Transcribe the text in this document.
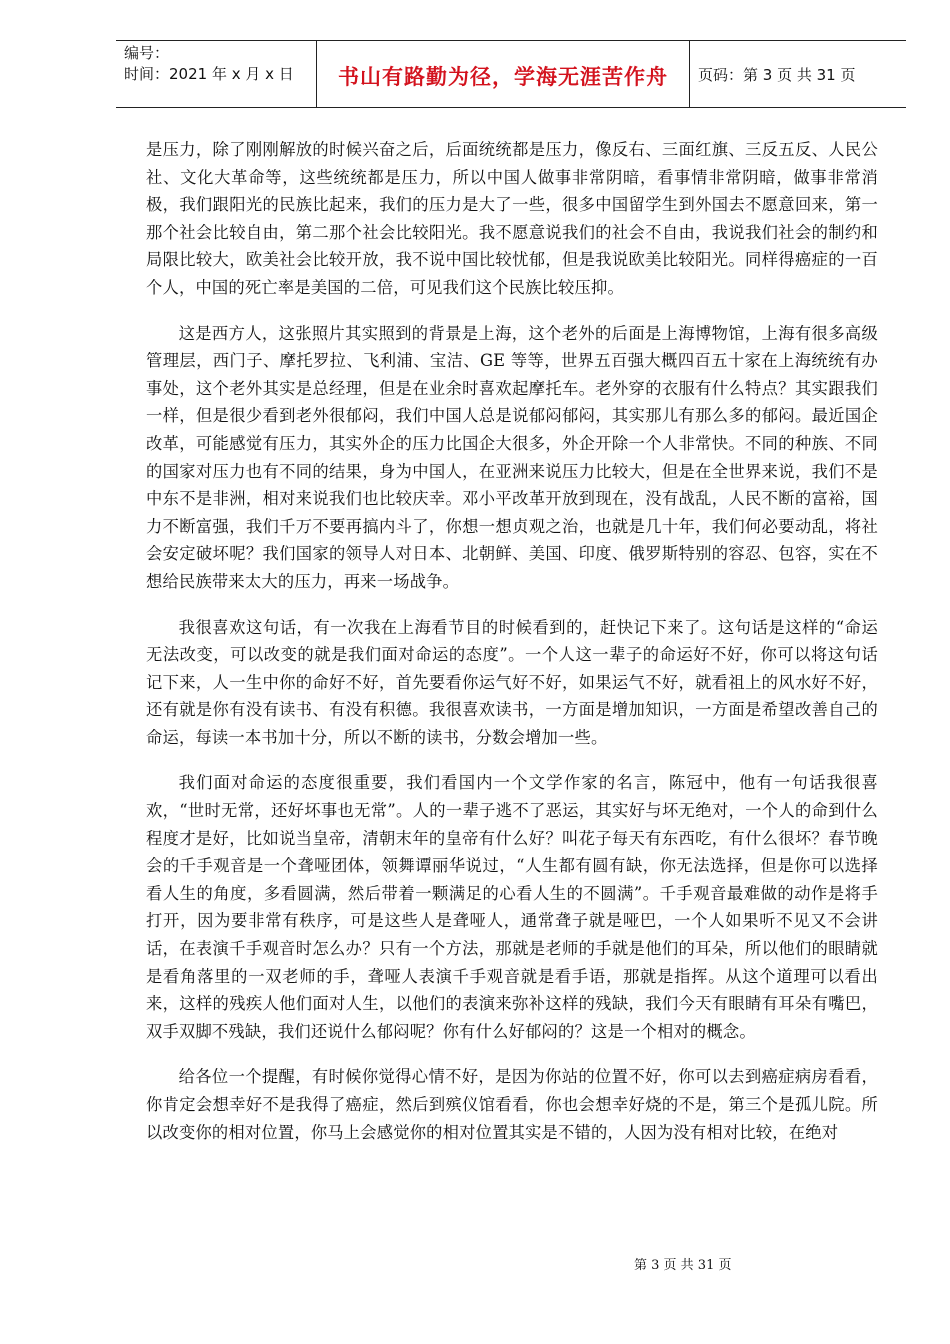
编号：
时间：2021 年 x 月 x 日	书山有路勤为径，学海无涯苦作舟	页码：第 3 页 共 31 页

是压力，除了刚刚解放的时候兴奋之后，后面统统都是压力，像反右、三面红旗、三反五反、人民公社、文化大革命等，这些统统都是压力，所以中国人做事非常阴暗，看事情非常阴暗，做事非常消极，我们跟阳光的民族比起来，我们的压力是大了一些，很多中国留学生到外国去不愿意回来，第一那个社会比较自由，第二那个社会比较阳光。我不愿意说我们的社会不自由，我说我们社会的制约和局限比较大，欧美社会比较开放，我不说中国比较忧郁，但是我说欧美比较阳光。同样得癌症的一百个人，中国的死亡率是美国的二倍，可见我们这个民族比较压抑。

这是西方人，这张照片其实照到的背景是上海，这个老外的后面是上海博物馆，上海有很多高级管理层，西门子、摩托罗拉、飞利浦、宝洁、GE 等等，世界五百强大概四百五十家在上海统统有办事处，这个老外其实是总经理，但是在业余时喜欢起摩托车。老外穿的衣服有什么特点？其实跟我们一样，但是很少看到老外很郁闷，我们中国人总是说郁闷郁闷，其实那儿有那么多的郁闷。最近国企改革，可能感觉有压力，其实外企的压力比国企大很多，外企开除一个人非常快。不同的种族、不同的国家对压力也有不同的结果，身为中国人，在亚洲来说压力比较大，但是在全世界来说，我们不是中东不是非洲，相对来说我们也比较庆幸。邓小平改革开放到现在，没有战乱，人民不断的富裕，国力不断富强，我们千万不要再搞内斗了，你想一想贞观之治，也就是几十年，我们何必要动乱，将社会安定破坏呢？我们国家的领导人对日本、北朝鲜、美国、印度、俄罗斯特别的容忍、包容，实在不想给民族带来太大的压力，再来一场战争。

我很喜欢这句话，有一次我在上海看节目的时候看到的，赶快记下来了。这句话是这样的“命运无法改变，可以改变的就是我们面对命运的态度”。一个人这一辈子的命运好不好，你可以将这句话记下来，人一生中你的命好不好，首先要看你运气好不好，如果运气不好，就看祖上的风水好不好，还有就是你有没有读书、有没有积德。我很喜欢读书，一方面是增加知识，一方面是希望改善自己的命运，每读一本书加十分，所以不断的读书，分数会增加一些。

我们面对命运的态度很重要，我们看国内一个文学作家的名言，陈冠中，他有一句话我很喜欢，“世时无常，还好坏事也无常”。人的一辈子逃不了恶运，其实好与坏无绝对，一个人的命到什么程度才是好，比如说当皇帝，清朝末年的皇帝有什么好？叫花子每天有东西吃，有什么很坏？春节晚会的千手观音是一个聋哑团体，领舞谭丽华说过，“人生都有圆有缺，你无法选择，但是你可以选择看人生的角度，多看圆满，然后带着一颗满足的心看人生的不圆满”。千手观音最难做的动作是将手打开，因为要非常有秩序，可是这些人是聋哑人，通常聋子就是哑巴，一个人如果听不见又不会讲话，在表演千手观音时怎么办？只有一个方法，那就是老师的手就是他们的耳朵，所以他们的眼睛就是看角落里的一双老师的手，聋哑人表演千手观音就是看手语，那就是指挥。从这个道理可以看出来，这样的残疾人他们面对人生，以他们的表演来弥补这样的残缺，我们今天有眼睛有耳朵有嘴巴，双手双脚不残缺，我们还说什么郁闷呢？你有什么好郁闷的？这是一个相对的概念。

给各位一个提醒，有时候你觉得心情不好，是因为你站的位置不好，你可以去到癌症病房看看，你肯定会想幸好不是我得了癌症，然后到殡仪馆看看，你也会想幸好烧的不是，第三个是孤儿院。所以改变你的相对位置，你马上会感觉你的相对位置其实是不错的，人因为没有相对比较，在绝对

第 3 页 共 31 页
